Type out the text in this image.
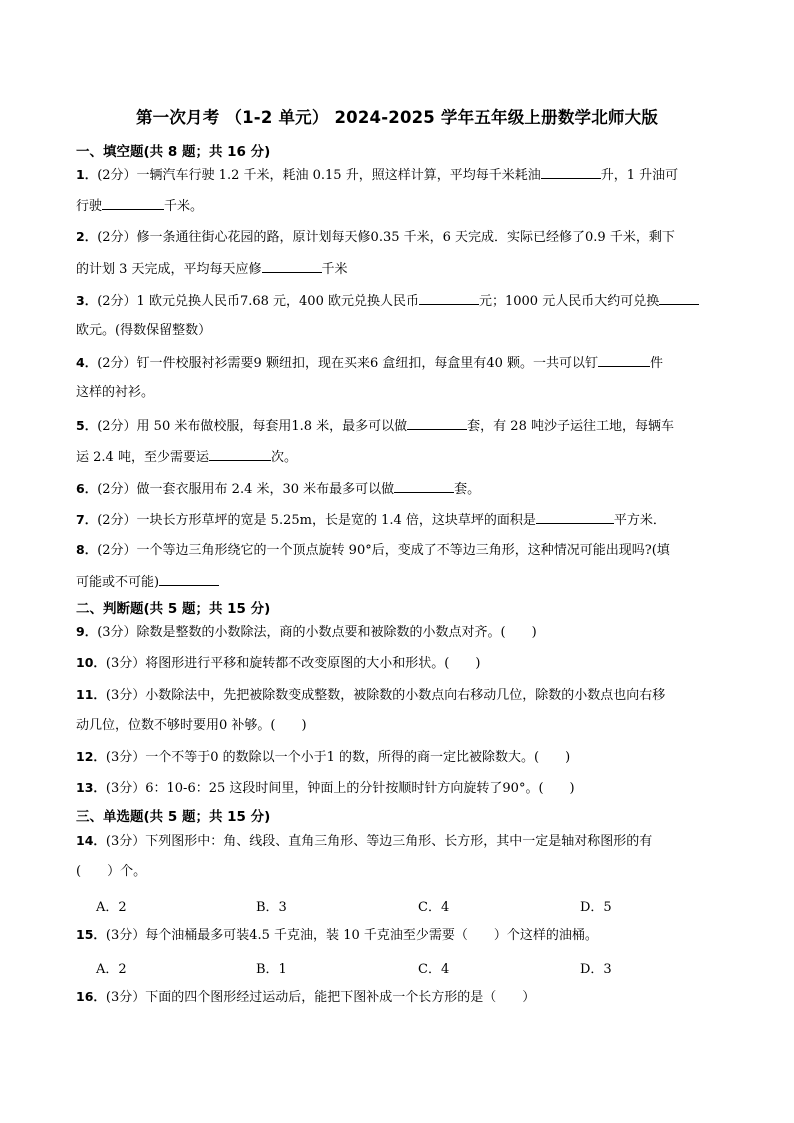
第一次月考 （1-2 单元） 2024-2025 学年五年级上册数学北师大版
一、填空题(共 8 题；共 16 分)
1．(2分）一辆汽车行驶 1.2 千米，耗油 0.15 升，照这样计算，平均每千米耗油	升，1 升油可
行驶	千米。
2．(2分）修一条通往街心花园的路，原计划每天修0.35 千米，6 天完成．实际已经修了0.9 千米，剩下
的计划 3 天完成，平均每天应修	千米
3．(2分）1 欧元兑换人民币7.68 元，400 欧元兑换人民币	元；1000 元人民币大约可兑换
欧元。(得数保留整数）
4．(2分）钉一件校服衬衫需要9 颗纽扣，现在买来6 盒纽扣，每盒里有40 颗。一共可以钉	件
这样的衬衫。
5．(2分）用 50 米布做校服，每套用1.8 米，最多可以做	套，有 28 吨沙子运往工地，每辆车
运 2.4 吨，至少需要运	次。
6．(2分）做一套衣服用布 2.4 米，30 米布最多可以做	套。
7．(2分）一块长方形草坪的宽是 5.25m，长是宽的 1.4 倍，这块草坪的面积是	平方米．
8．(2分）一个等边三角形绕它的一个顶点旋转 90°后，变成了不等边三角形，这种情况可能出现吗?(填
可能或不可能)
二、判断题(共 5 题；共 15 分)
9．(3分）除数是整数的小数除法，商的小数点要和被除数的小数点对齐。(　　)
10．(3分）将图形进行平移和旋转都不改变原图的大小和形状。(　　)
11．(3分）小数除法中，先把被除数变成整数，被除数的小数点向右移动几位，除数的小数点也向右移
动几位，位数不够时要用0 补够。(　　)
12．(3分）一个不等于0 的数除以一个小于1 的数，所得的商一定比被除数大。(　　)
13．(3分）6：10-6：25 这段时间里，钟面上的分针按顺时针方向旋转了90°。(　　)
三、单选题(共 5 题；共 15 分)
14．(3分）下列图形中：角、线段、直角三角形、等边三角形、长方形，其中一定是轴对称图形的有
(　　）个。
A．2	B．3	C．4	D．5
15．(3分）每个油桶最多可装4.5 千克油，装 10 千克油至少需要（　　）个这样的油桶。
A．2	B．1	C．4	D．3
16．(3分）下面的四个图形经过运动后，能把下图补成一个长方形的是（　　）
